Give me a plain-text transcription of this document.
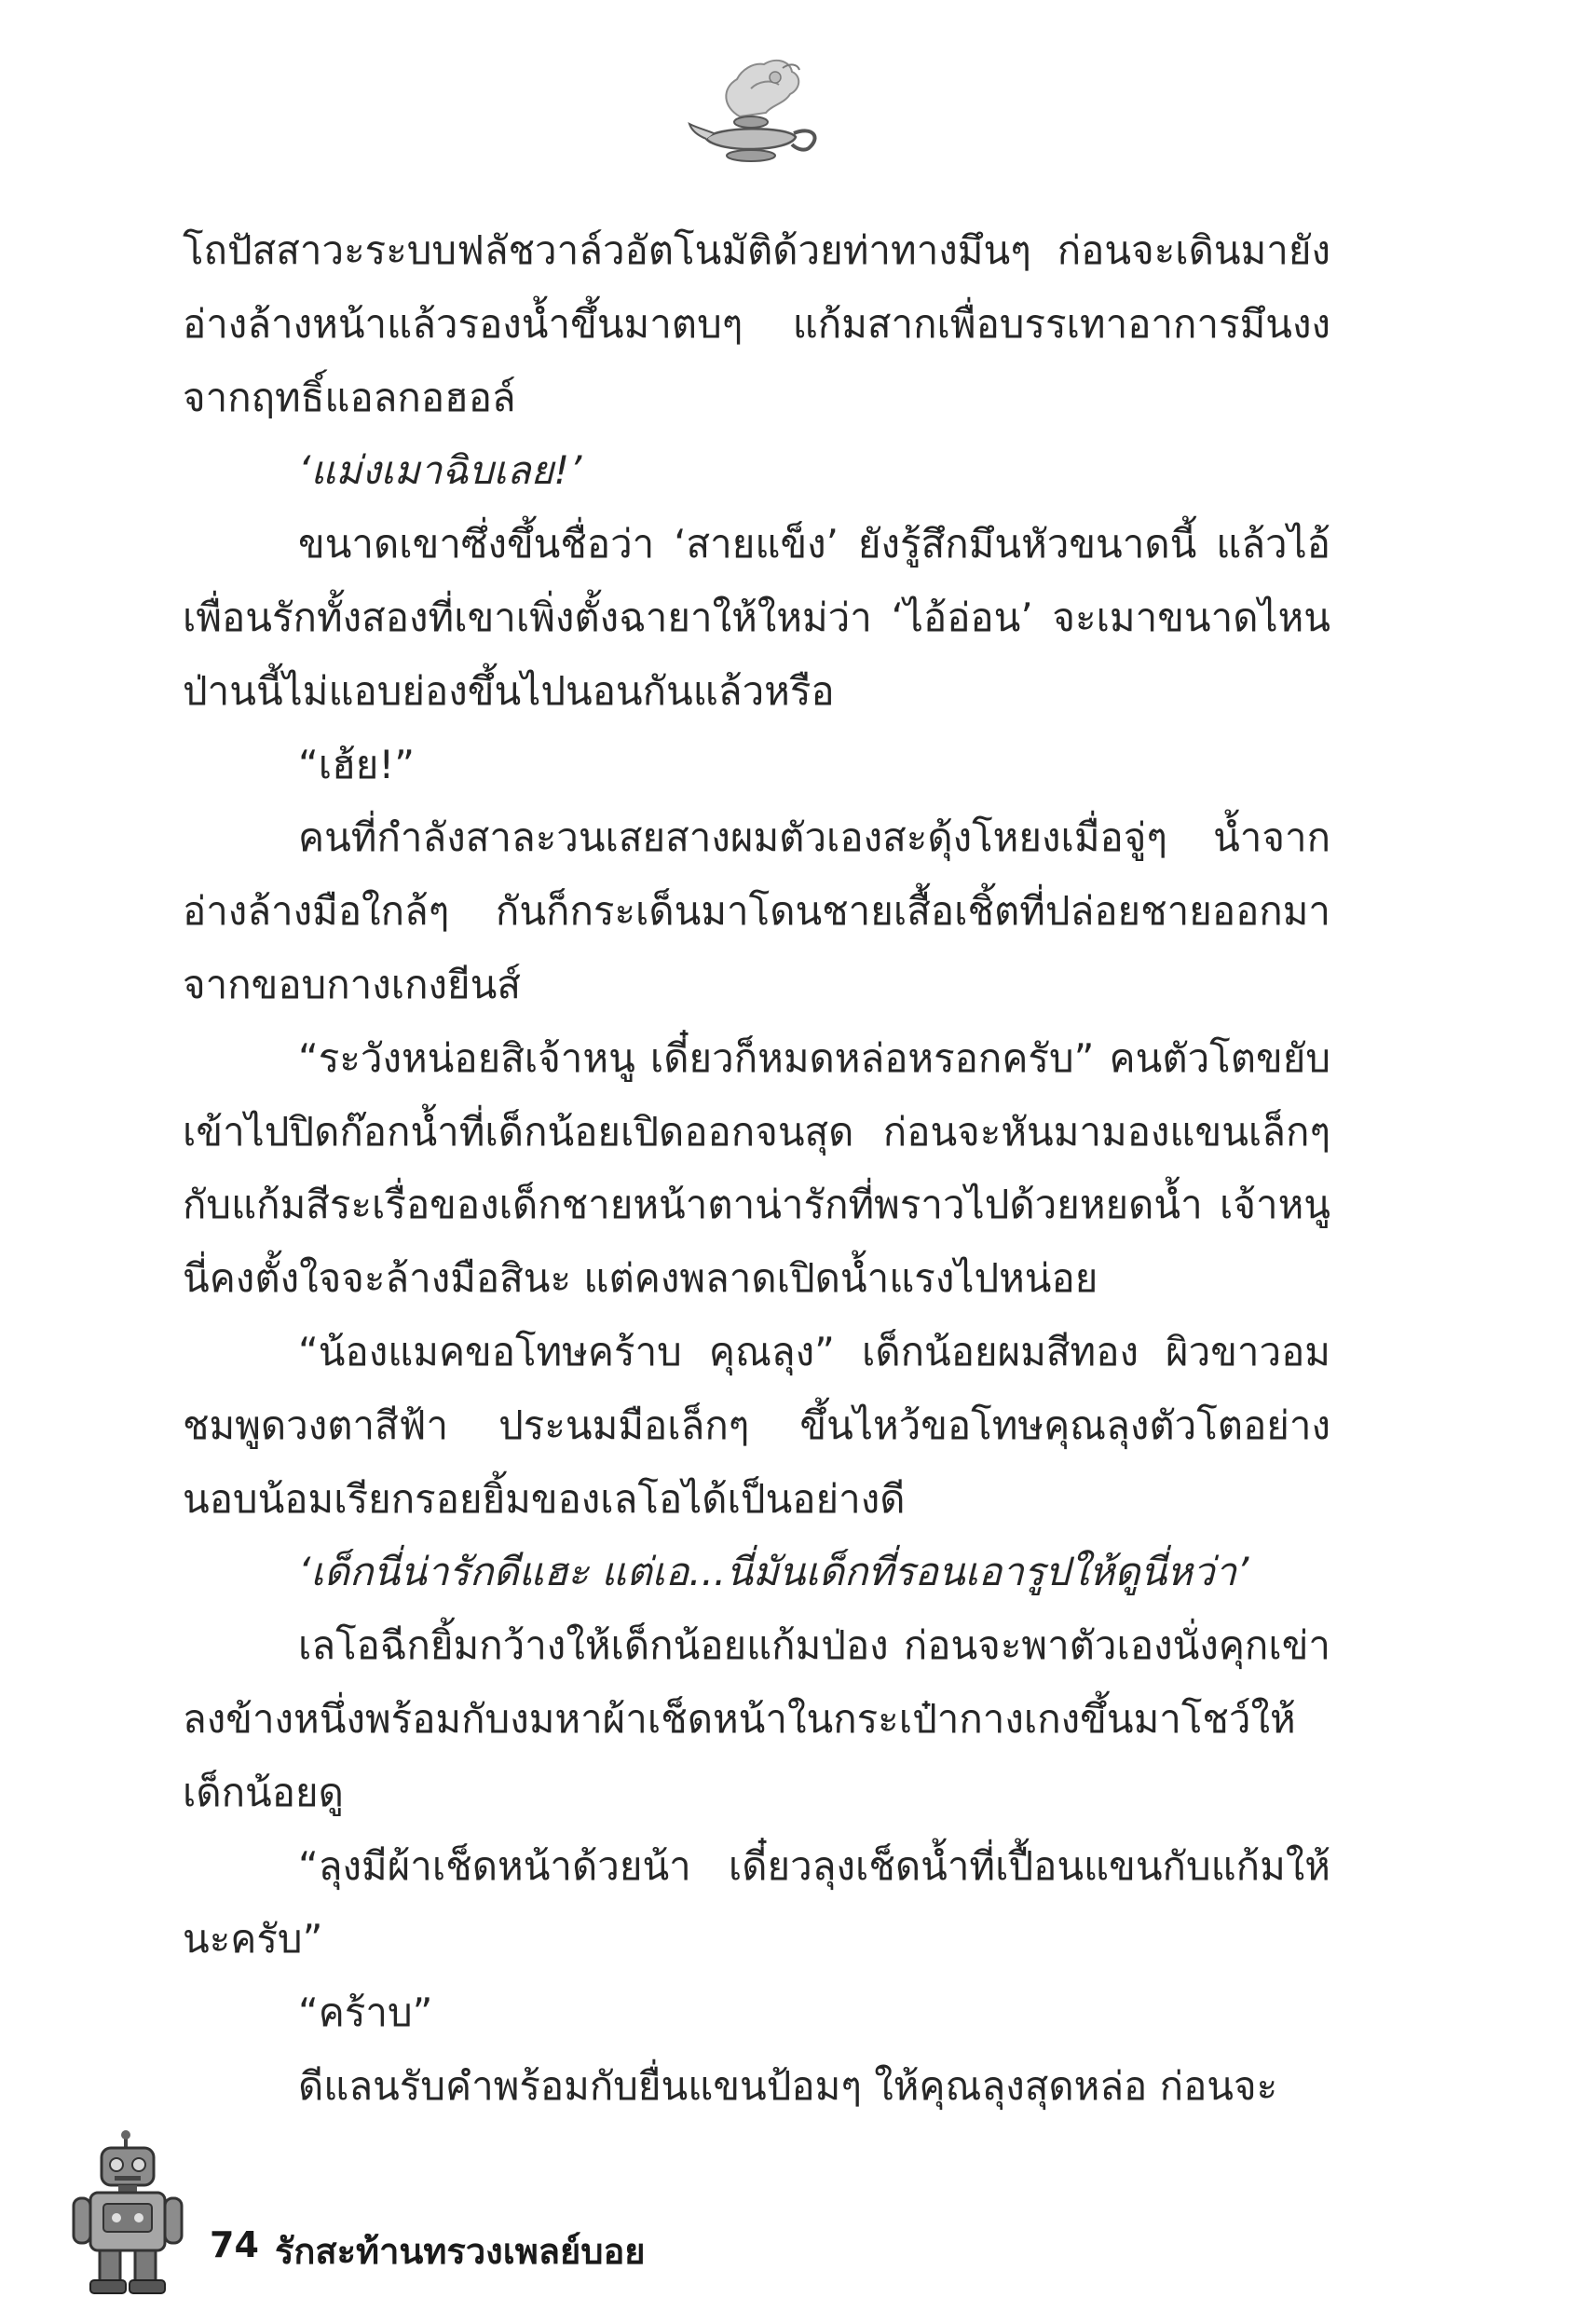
โถปัสสาวะระบบฟลัชวาล์วอัตโนมัติด้วยท่าทางมึนๆ ก่อนจะเดินมายังอ่างล้างหน้าแล้วรองน้ำขึ้นมาตบๆ แก้มสากเพื่อบรรเทาอาการมึนงงจากฤทธิ์แอลกอฮอล์

‘แม่งเมาฉิบเลย!’

ขนาดเขาซึ่งขึ้นชื่อว่า ‘สายแข็ง’ ยังรู้สึกมึนหัวขนาดนี้ แล้วไอ้เพื่อนรักทั้งสองที่เขาเพิ่งตั้งฉายาให้ใหม่ว่า ‘ไอ้อ่อน’ จะเมาขนาดไหน ป่านนี้ไม่แอบย่องขึ้นไปนอนกันแล้วหรือ

“เฮ้ย!”

คนที่กำลังสาละวนเสยสางผมตัวเองสะดุ้งโหยงเมื่อจู่ๆ น้ำจากอ่างล้างมือใกล้ๆ กันก็กระเด็นมาโดนชายเสื้อเชิ้ตที่ปล่อยชายออกมาจากขอบกางเกงยีนส์

“ระวังหน่อยสิเจ้าหนู เดี๋ยวก็หมดหล่อหรอกครับ” คนตัวโตขยับเข้าไปปิดก๊อกน้ำที่เด็กน้อยเปิดออกจนสุด ก่อนจะหันมามองแขนเล็กๆ กับแก้มสีระเรื่อของเด็กชายหน้าตาน่ารักที่พราวไปด้วยหยดน้ำ เจ้าหนูนี่คงตั้งใจจะล้างมือสินะ แต่คงพลาดเปิดน้ำแรงไปหน่อย

“น้องแมคขอโทษคร้าบ คุณลุง” เด็กน้อยผมสีทอง ผิวขาวอมชมพูดวงตาสีฟ้า ประนมมือเล็กๆ ขึ้นไหว้ขอโทษคุณลุงตัวโตอย่างนอบน้อมเรียกรอยยิ้มของเลโอได้เป็นอย่างดี

‘เด็กนี่น่ารักดีแฮะ แต่เอ...นี่มันเด็กที่รอนเอารูปให้ดูนี่หว่า’

เลโอฉีกยิ้มกว้างให้เด็กน้อยแก้มป่อง ก่อนจะพาตัวเองนั่งคุกเข่าลงข้างหนึ่งพร้อมกับงมหาผ้าเช็ดหน้าในกระเป๋ากางเกงขึ้นมาโชว์ให้เด็กน้อยดู

“ลุงมีผ้าเช็ดหน้าด้วยน้า เดี๋ยวลุงเช็ดน้ำที่เปื้อนแขนกับแก้มให้นะครับ”

“คร้าบ”

ดีแลนรับคำพร้อมกับยื่นแขนป้อมๆ ให้คุณลุงสุดหล่อ ก่อนจะ

74 รักสะท้านทรวงเพลย์บอย
